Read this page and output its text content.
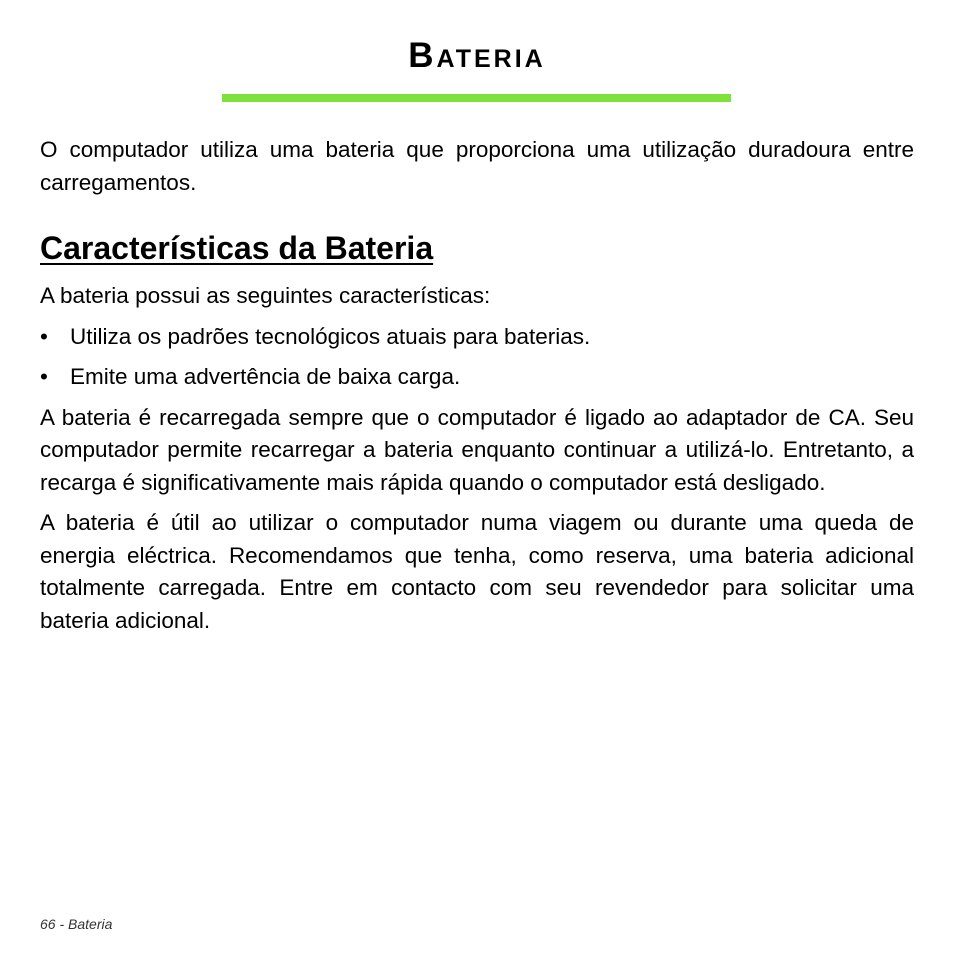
Bateria

O computador utiliza uma bateria que proporciona uma utilização duradoura entre carregamentos.

Características da Bateria

A bateria possui as seguintes características:

• Utiliza os padrões tecnológicos atuais para baterias.
• Emite uma advertência de baixa carga.

A bateria é recarregada sempre que o computador é ligado ao adaptador de CA. Seu computador permite recarregar a bateria enquanto continuar a utilizá-lo. Entretanto, a recarga é significativamente mais rápida quando o computador está desligado.

A bateria é útil ao utilizar o computador numa viagem ou durante uma queda de energia eléctrica. Recomendamos que tenha, como reserva, uma bateria adicional totalmente carregada. Entre em contacto com seu revendedor para solicitar uma bateria adicional.

66 - Bateria
